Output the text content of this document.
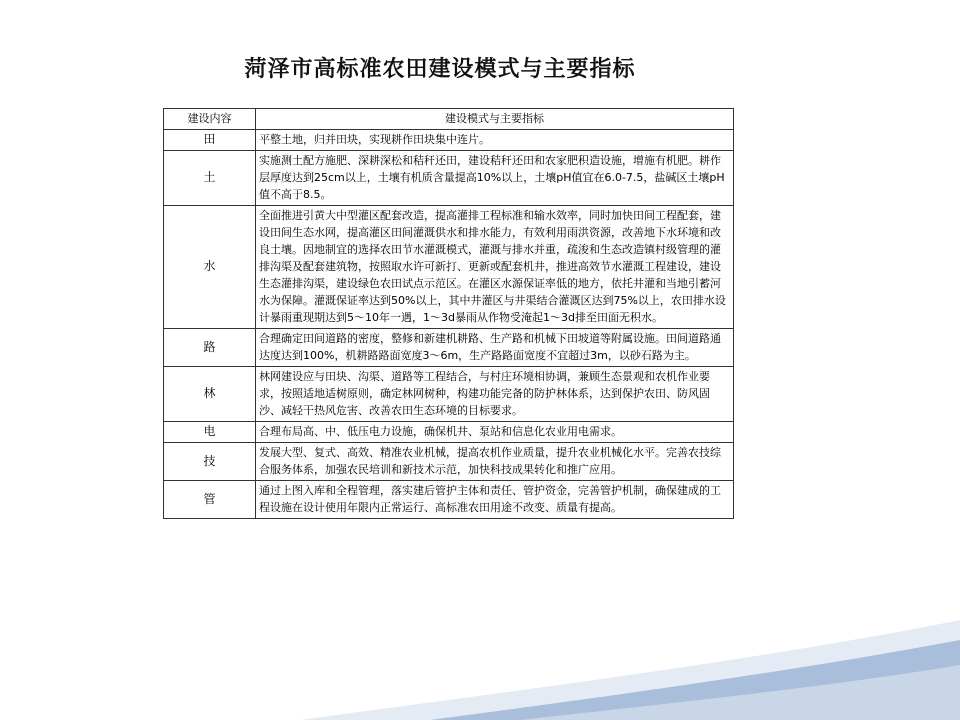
菏泽市高标准农田建设模式与主要指标
建设内容	建设模式与主要指标
田	平整土地，归并田块，实现耕作田块集中连片。
土	实施测土配方施肥、深耕深松和秸秆还田，建设秸秆还田和农家肥积造设施，增施有机肥。耕作层厚度达到25cm以上，土壤有机质含量提高10%以上，土壤pH值宜在6.0-7.5，盐碱区土壤pH值不高于8.5。
水	全面推进引黄大中型灌区配套改造，提高灌排工程标准和输水效率，同时加快田间工程配套，建设田间生态水网，提高灌区田间灌溉供水和排水能力，有效利用雨洪资源，改善地下水环境和改良土壤。因地制宜的选择农田节水灌溉模式，灌溉与排水并重，疏浚和生态改造镇村级管理的灌排沟渠及配套建筑物，按照取水许可新打、更新或配套机井，推进高效节水灌溉工程建设，建设生态灌排沟渠，建设绿色农田试点示范区。在灌区水源保证率低的地方，依托井灌和当地引蓄河水为保障。灌溉保证率达到50%以上，其中井灌区与井渠结合灌溉区达到75%以上，农田排水设计暴雨重现期达到5～10年一遇，1～3d暴雨从作物受淹起1～3d排至田面无积水。
路	合理确定田间道路的密度，整修和新建机耕路、生产路和机械下田坡道等附属设施。田间道路通达度达到100%，机耕路路面宽度3～6m，生产路路面宽度不宜超过3m，以砂石路为主。
林	林网建设应与田块、沟渠、道路等工程结合，与村庄环境相协调，兼顾生态景观和农机作业要求，按照适地适树原则，确定林网树种，构建功能完备的防护林体系，达到保护农田、防风固沙、减轻干热风危害、改善农田生态环境的目标要求。
电	合理布局高、中、低压电力设施，确保机井、泵站和信息化农业用电需求。
技	发展大型、复式、高效、精准农业机械，提高农机作业质量，提升农业机械化水平。完善农技综合服务体系，加强农民培训和新技术示范，加快科技成果转化和推广应用。
管	通过上图入库和全程管理，落实建后管护主体和责任、管护资金，完善管护机制，确保建成的工程设施在设计使用年限内正常运行、高标准农田用途不改变、质量有提高。
